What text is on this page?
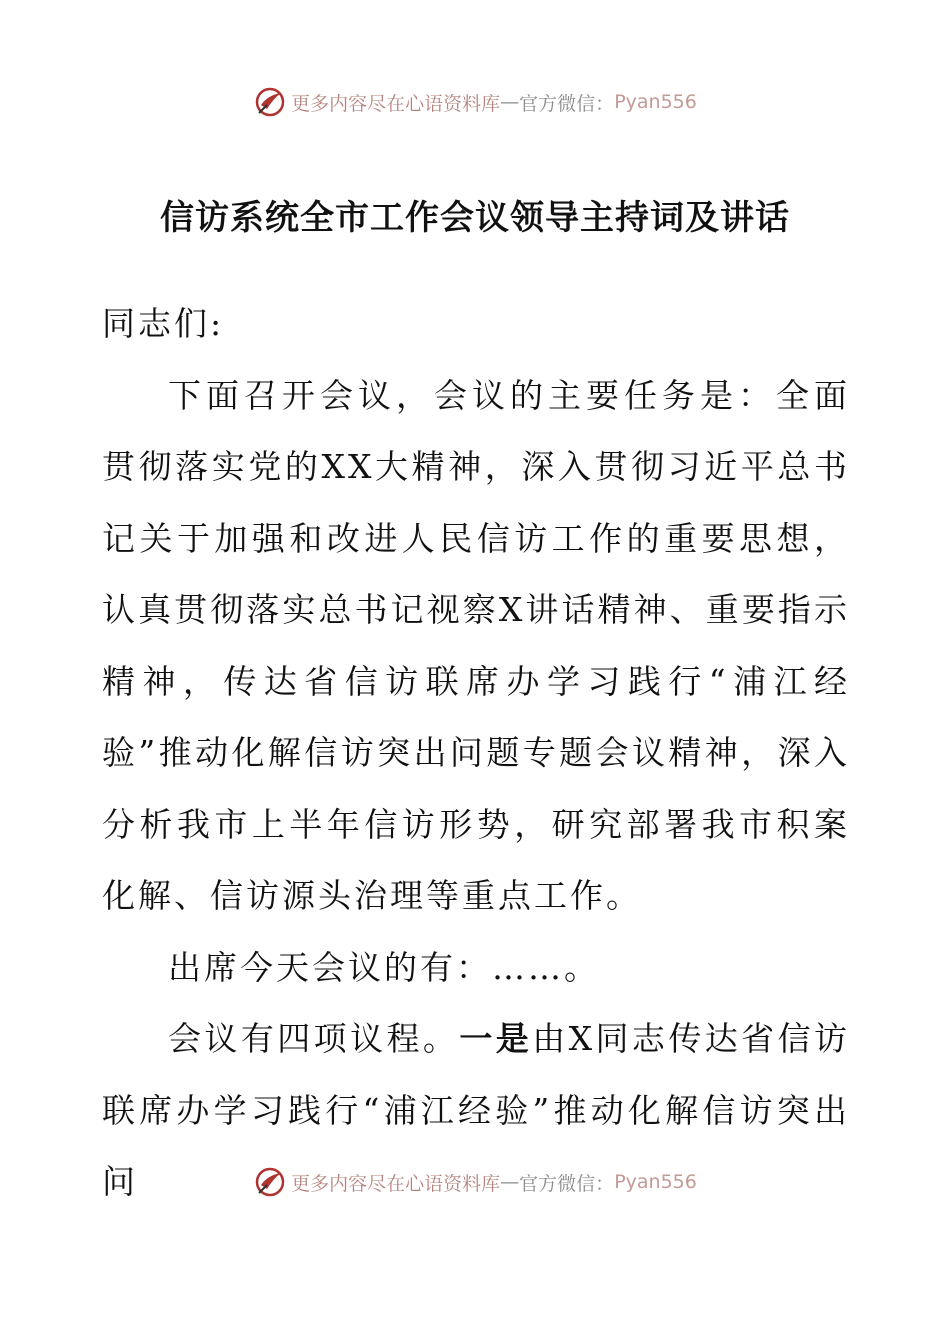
更多内容尽在心语资料库 — 官方微信： Pyan556
信访系统全市工作会议领导主持词及讲话

同志们:

下面召开会议，会议的主要任务是：全面贯彻落实党的XX大精神，深入贯彻习近平总书记关于加强和改进人民信访工作的重要思想，认真贯彻落实总书记视察X讲话精神、重要指示精神，传达省信访联席办学习践行“浦江经验”推动化解信访突出问题专题会议精神，深入分析我市上半年信访形势，研究部署我市积案化解、信访源头治理等重点工作。

出席今天会议的有：……。

会议有四项议程。一是由X同志传达省信访联席办学习践行“浦江经验”推动化解信访突出问	更多内容尽在心语资料库 — 官方微信： Pyan556
